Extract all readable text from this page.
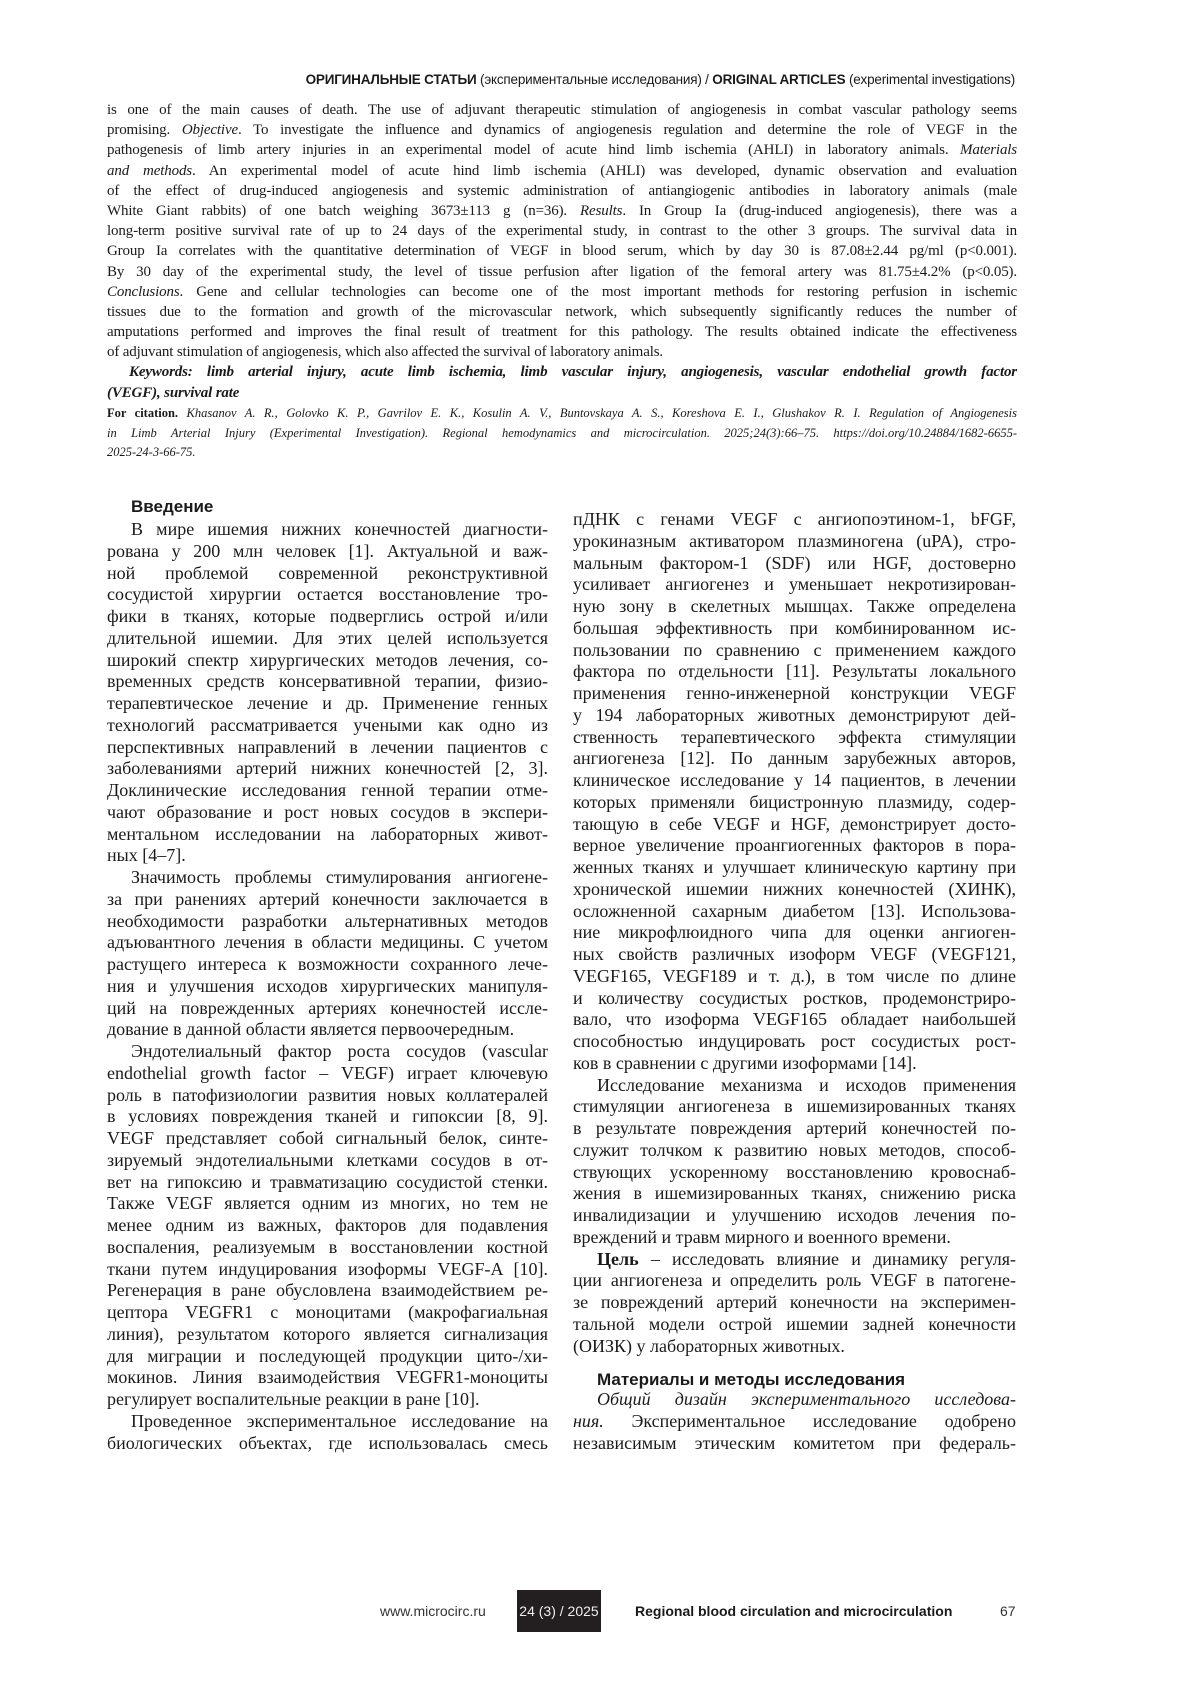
ОРИГИНАЛЬНЫЕ СТАТЬИ (экспериментальные исследования) / ORIGINAL ARTICLES (experimental investigations)
is one of the main causes of death. The use of adjuvant therapeutic stimulation of angiogenesis in combat vascular pathology seems
promising. Objective. To investigate the influence and dynamics of angiogenesis regulation and determine the role of VEGF in the
pathogenesis of limb artery injuries in an experimental model of acute hind limb ischemia (AHLI) in laboratory animals. Materials
and methods. An experimental model of acute hind limb ischemia (AHLI) was developed, dynamic observation and evaluation
of the effect of drug-induced angiogenesis and systemic administration of antiangiogenic antibodies in laboratory animals (male
White Giant rabbits) of one batch weighing 3673±113 g (n=36). Results. In Group Ia (drug-induced angiogenesis), there was a
long-term positive survival rate of up to 24 days of the experimental study, in contrast to the other 3 groups. The survival data in
Group Ia correlates with the quantitative determination of VEGF in blood serum, which by day 30 is 87.08±2.44 pg/ml (p<0.001).
By 30 day of the experimental study, the level of tissue perfusion after ligation of the femoral artery was 81.75±4.2% (p<0.05).
Conclusions. Gene and cellular technologies can become one of the most important methods for restoring perfusion in ischemic
tissues due to the formation and growth of the microvascular network, which subsequently significantly reduces the number of
amputations performed and improves the final result of treatment for this pathology. The results obtained indicate the effectiveness
of adjuvant stimulation of angiogenesis, which also affected the survival of laboratory animals.
Keywords: limb arterial injury, acute limb ischemia, limb vascular injury, angiogenesis, vascular endothelial growth factor
(VEGF), survival rate
For citation. Khasanov A. R., Golovko K. P., Gavrilov E. K., Kosulin A. V., Buntovskaya A. S., Koreshova E. I., Glushakov R. I. Regulation of Angiogenesis
in Limb Arterial Injury (Experimental Investigation). Regional hemodynamics and microcirculation. 2025;24(3):66–75. https://doi.org/10.24884/1682-6655-
2025-24-3-66-75.
Введение
В мире ишемия нижних конечностей диагности-
рована у 200 млн человек [1]. Актуальной и важ-
ной проблемой современной реконструктивной
сосудистой хирургии остается восстановление тро-
фики в тканях, которые подверглись острой и/или
длительной ишемии. Для этих целей используется
широкий спектр хирургических методов лечения, со-
временных средств консервативной терапии, физио-
терапевтическое лечение и др. Применение генных
технологий рассматривается учеными как одно из
перспективных направлений в лечении пациентов с
заболеваниями артерий нижних конечностей [2, 3].
Доклинические исследования генной терапии отме-
чают образование и рост новых сосудов в экспери-
ментальном исследовании на лабораторных живот-
ных [4–7].
Значимость проблемы стимулирования ангиогене-
за при ранениях артерий конечности заключается в
необходимости разработки альтернативных методов
адъювантного лечения в области медицины. С учетом
растущего интереса к возможности сохранного лече-
ния и улучшения исходов хирургических манипуля-
ций на поврежденных артериях конечностей иссле-
дование в данной области является первоочередным.
Эндотелиальный фактор роста сосудов (vascular
endothelial growth factor – VEGF) играет ключевую
роль в патофизиологии развития новых коллатералей
в условиях повреждения тканей и гипоксии [8, 9].
VEGF представляет собой сигнальный белок, синте-
зируемый эндотелиальными клетками сосудов в от-
вет на гипоксию и травматизацию сосудистой стенки.
Также VEGF является одним из многих, но тем не
менее одним из важных, факторов для подавления
воспаления, реализуемым в восстановлении костной
ткани путем индуцирования изоформы VEGF-A [10].
Регенерация в ране обусловлена взаимодействием ре-
цептора VEGFR1 с моноцитами (макрофагиальная
линия), результатом которого является сигнализация
для миграции и последующей продукции цито-/хи-
мокинов. Линия взаимодействия VEGFR1-моноциты
регулирует воспалительные реакции в ране [10].
Проведенное экспериментальное исследование на
биологических объектах, где использовалась смесь
пДНК с генами VEGF с ангиопоэтином-1, bFGF,
урокиназным активатором плазминогена (uPA), стро-
мальным фактором-1 (SDF) или HGF, достоверно
усиливает ангиогенез и уменьшает некротизирован-
ную зону в скелетных мышцах. Также определена
большая эффективность при комбинированном ис-
пользовании по сравнению с применением каждого
фактора по отдельности [11]. Результаты локального
применения генно-инженерной конструкции VEGF
у 194 лабораторных животных демонстрируют дей-
ственность терапевтического эффекта стимуляции
ангиогенеза [12]. По данным зарубежных авторов,
клиническое исследование у 14 пациентов, в лечении
которых применяли бицистронную плазмиду, содер-
тающую в себе VEGF и HGF, демонстрирует досто-
верное увеличение проангиогенных факторов в пора-
женных тканях и улучшает клиническую картину при
хронической ишемии нижних конечностей (ХИНК),
осложненной сахарным диабетом [13]. Использова-
ние микрофлюидного чипа для оценки ангиоген-
ных свойств различных изоформ VEGF (VEGF121,
VEGF165, VEGF189 и т. д.), в том числе по длине
и количеству сосудистых ростков, продемонстриро-
вало, что изоформа VEGF165 обладает наибольшей
способностью индуцировать рост сосудистых рост-
ков в сравнении с другими изоформами [14].
Исследование механизма и исходов применения
стимуляции ангиогенеза в ишемизированных тканях
в результате повреждения артерий конечностей по-
служит толчком к развитию новых методов, способ-
ствующих ускоренному восстановлению кровоснаб-
жения в ишемизированных тканях, снижению риска
инвалидизации и улучшению исходов лечения по-
вреждений и травм мирного и военного времени.
Цель – исследовать влияние и динамику регуля-
ции ангиогенеза и определить роль VEGF в патогене-
зе повреждений артерий конечности на эксперимен-
тальной модели острой ишемии задней конечности
(ОИЗК) у лабораторных животных.
Материалы и методы исследования
Общий дизайн экспериментального исследова-
ния. Экспериментальное исследование одобрено
независимым этическим комитетом при федераль-
www.microcirc.ru 24 (3) / 2025	Regional blood circulation and microcirculation	67
